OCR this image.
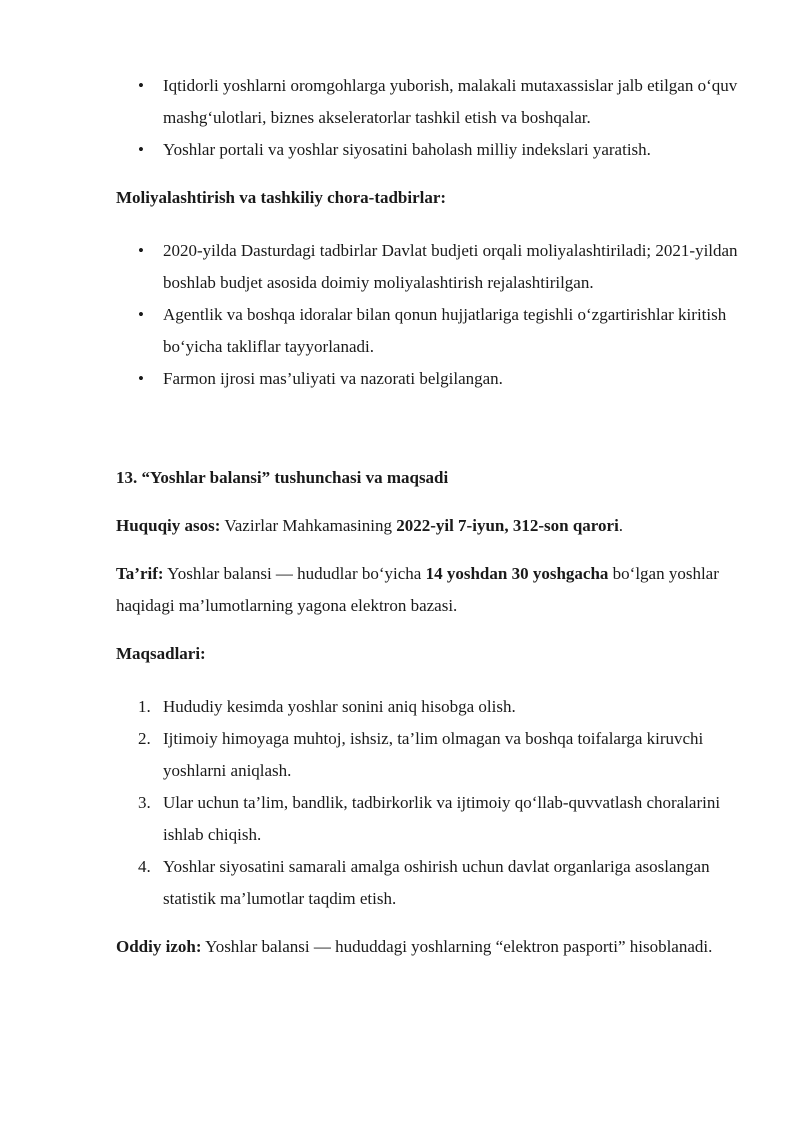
• Iqtidorli yoshlarni oromgohlarga yuborish, malakali mutaxassislar jalb etilgan o‘quv mashg‘ulotlari, biznes akseleratorlar tashkil etish va boshqalar.
• Yoshlar portali va yoshlar siyosatini baholash milliy indekslari yaratish.

Moliyalashtirish va tashkiliy chora-tadbirlar:

• 2020-yilda Dasturdagi tadbirlar Davlat budjeti orqali moliyalashtiriladi; 2021-yildan boshlab budjet asosida doimiy moliyalashtirish rejalashtirilgan.
• Agentlik va boshqa idoralar bilan qonun hujjatlariga tegishli o‘zgartirishlar kiritish bo‘yicha takliflar tayyorlanadi.
• Farmon ijrosi mas’uliyati va nazorati belgilangan.

13. “Yoshlar balansi” tushunchasi va maqsadi

Huquqiy asos: Vazirlar Mahkamasining 2022-yil 7-iyun, 312-son qarori.

Ta’rif: Yoshlar balansi — hududlar bo‘yicha 14 yoshdan 30 yoshgacha bo‘lgan yoshlar haqidagi ma’lumotlarning yagona elektron bazasi.

Maqsadlari:

1. Hududiy kesimda yoshlar sonini aniq hisobga olish.
2. Ijtimoiy himoyaga muhtoj, ishsiz, ta’lim olmagan va boshqa toifalarga kiruvchi yoshlarni aniqlash.
3. Ular uchun ta’lim, bandlik, tadbirkorlik va ijtimoiy qo‘llab-quvvatlash choralarini ishlab chiqish.
4. Yoshlar siyosatini samarali amalga oshirish uchun davlat organlariga asoslangan statistik ma’lumotlar taqdim etish.

Oddiy izoh: Yoshlar balansi — hududdagi yoshlarning “elektron pasporti” hisoblanadi.
